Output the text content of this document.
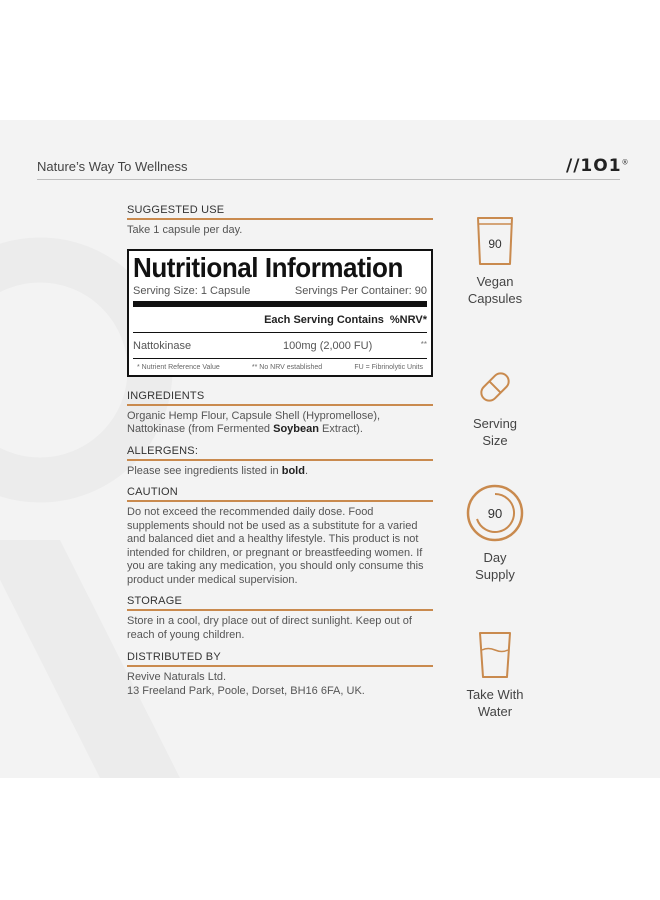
Nature’s Way To Wellness	//1O1®
SUGGESTED USE
Take 1 capsule per day.
Nutritional Information
Serving Size: 1 Capsule	Servings Per Container: 90
Each Serving Contains %NRV*
Nattokinase	100mg (2,000 FU)	**
* Nutrient Reference Value	** No NRV established	FU = Fibrinolytic Units
INGREDIENTS
Organic Hemp Flour, Capsule Shell (Hypromellose), Nattokinase (from Fermented Soybean Extract).
ALLERGENS:
Please see ingredients listed in bold.
CAUTION
Do not exceed the recommended daily dose. Food supplements should not be used as a substitute for a varied and balanced diet and a healthy lifestyle. This product is not intended for children, or pregnant or breastfeeding women. If you are taking any medication, you should only consume this product under medical supervision.
STORAGE
Store in a cool, dry place out of direct sunlight. Keep out of reach of young children.
DISTRIBUTED BY
Revive Naturals Ltd.
13 Freeland Park, Poole, Dorset, BH16 6FA, UK.
90
Vegan
Capsules
Serving
Size
90
Day
Supply
Take With
Water
